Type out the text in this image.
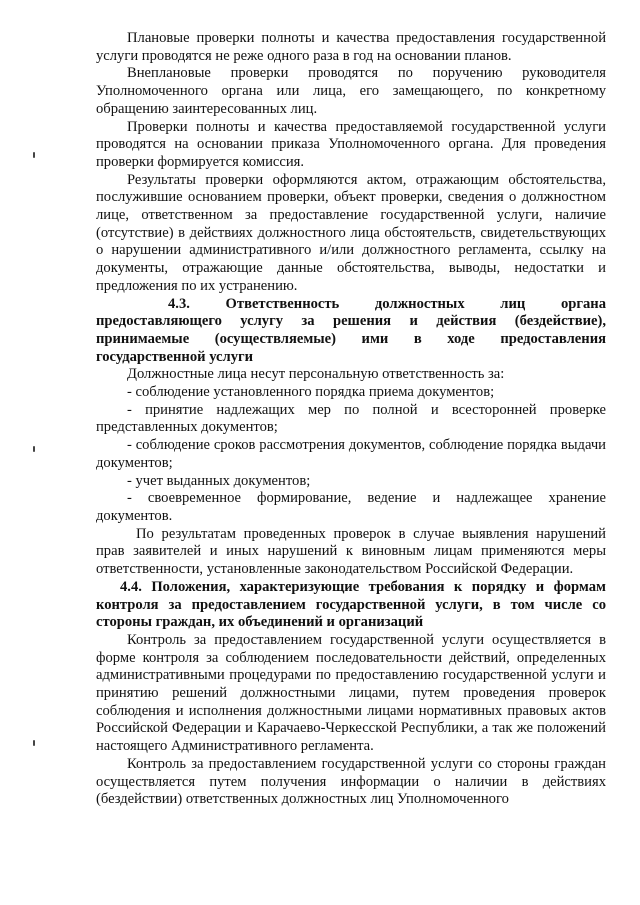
Плановые проверки полноты и качества предоставления государственной услуги проводятся не реже одного раза в год на основании планов.

Внеплановые проверки проводятся по поручению руководителя Уполномоченного органа или лица, его замещающего, по конкретному обращению заинтересованных лиц.

Проверки полноты и качества предоставляемой государственной услуги проводятся на основании приказа Уполномоченного органа. Для проведения проверки формируется комиссия.

Результаты проверки оформляются актом, отражающим обстоятельства, послужившие основанием проверки, объект проверки, сведения о должностном лице, ответственном за предоставление государственной услуги, наличие (отсутствие) в действиях должностного лица обстоятельств, свидетельствующих о нарушении административного и/или должностного регламента, ссылку на документы, отражающие данные обстоятельства, выводы, недостатки и предложения по их устранению.

4.3. Ответственность должностных лиц органа предоставляющего услугу за решения и действия (бездействие), принимаемые (осуществляемые) ими в ходе предоставления государственной услуги

Должностные лица несут персональную ответственность за:

- соблюдение установленного порядка приема документов;

- принятие надлежащих мер по полной и всесторонней проверке представленных документов;

- соблюдение сроков рассмотрения документов, соблюдение порядка выдачи документов;

- учет выданных документов;

- своевременное формирование, ведение и надлежащее хранение документов.

По результатам проведенных проверок в случае выявления нарушений прав заявителей и иных нарушений к виновным лицам применяются меры ответственности, установленные законодательством Российской Федерации.

4.4. Положения, характеризующие требования к порядку и формам контроля за предоставлением государственной услуги, в том числе со стороны граждан, их объединений и организаций

Контроль за предоставлением государственной услуги осуществляется в форме контроля за соблюдением последовательности действий, определенных административными процедурами по предоставлению государственной услуги и принятию решений должностными лицами, путем проведения проверок соблюдения и исполнения должностными лицами нормативных правовых актов Российской Федерации и Карачаево-Черкесской Республики, а так же положений настоящего Административного регламента.

Контроль за предоставлением государственной услуги со стороны граждан осуществляется путем получения информации о наличии в действиях (бездействии) ответственных должностных лиц Уполномоченного
